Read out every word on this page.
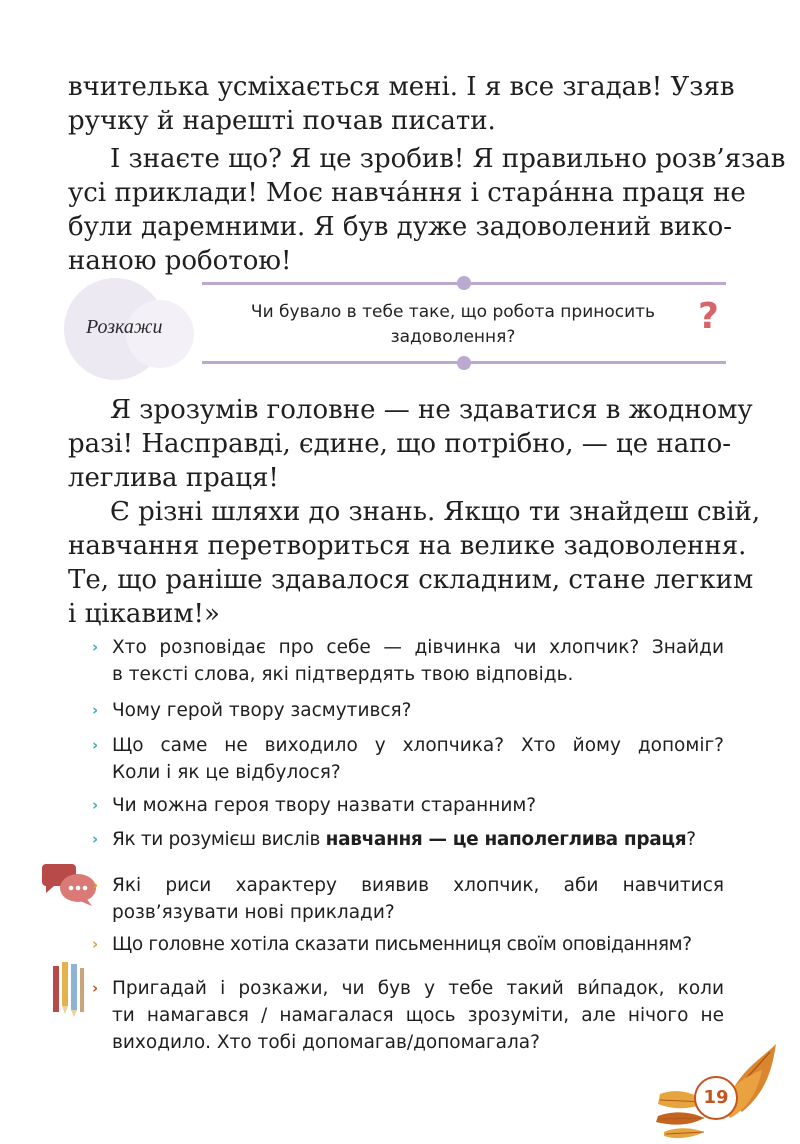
вчителька усміхається мені. І я все згадав! Узяв
ручку й нарешті почав писати.
І знаєте що? Я це зробив! Я правильно розв’язав
усі приклади! Моє навча́ння і стара́нна праця не
були даремними. Я був дуже задоволений вико-
наною роботою!
Розкажи
Чи бувало в тебе таке, що робота приносить задоволення?	?
Я зрозумів головне — не здаватися в жодному
разі! Насправді, єдине, що потрібно, — це напо-
леглива праця!
Є різні шляхи до знань. Якщо ти знайдеш свій,
навчання перетвориться на велике задоволення.
Те, що раніше здавалося складним, стане легким
і цікавим!»
› Хто розповідає про себе — дівчинка чи хлопчик? Знайди
в тексті слова, які підтвердять твою відповідь.
› Чому герой твору засмутився?
› Що саме не виходило у хлопчика? Хто йому допоміг?
Коли і як це відбулося?
› Чи можна героя твору назвати старанним?
› Як ти розумієш вислів навчання — це наполеглива праця?
› Які риси характеру виявив хлопчик, аби навчитися
розв’язувати нові приклади?
› Що головне хотіла сказати письменниця своїм оповіданням?
› Пригадай і розкажи, чи був у тебе такий ви́падок, коли
ти намагався / намагалася щось зрозуміти, але нічого не
виходило. Хто тобі допомагав/допомагала?
19
